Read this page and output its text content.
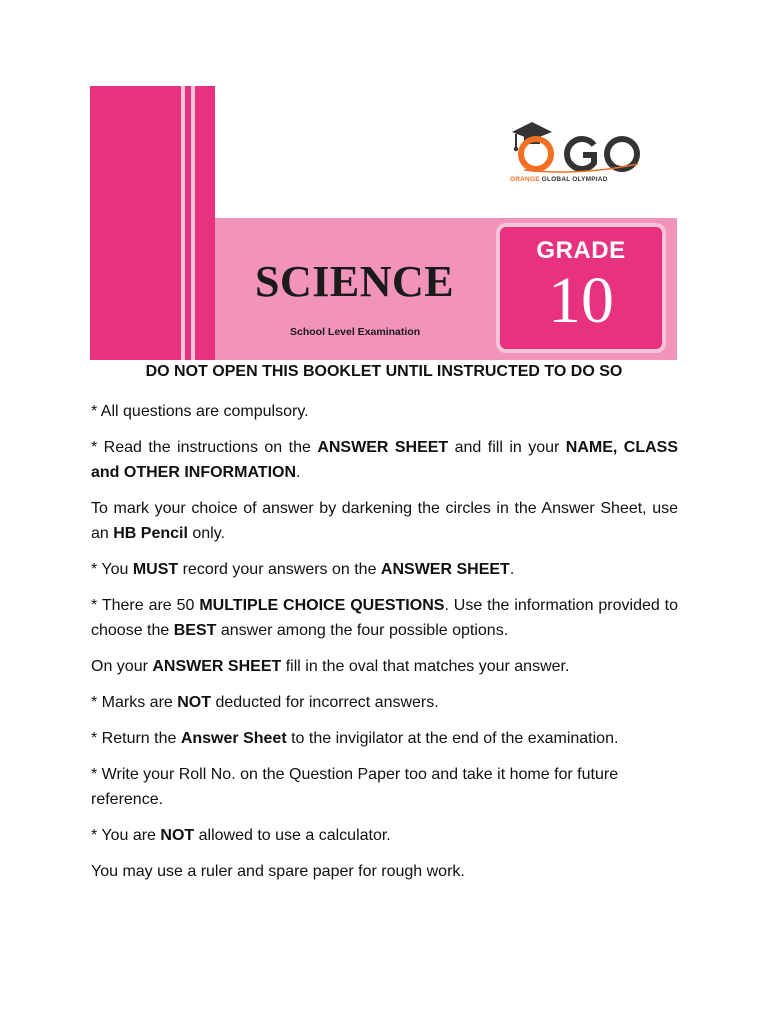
ORANGE GLOBAL OLYMPIAD
SCIENCE
School Level Examination
GRADE
10
DO NOT OPEN THIS BOOKLET UNTIL INSTRUCTED TO DO SO

* All questions are compulsory.

* Read the instructions on the ANSWER SHEET and fill in your NAME, CLASS and OTHER INFORMATION.

To mark your choice of answer by darkening the circles in the Answer Sheet, use an HB Pencil only.

* You MUST record your answers on the ANSWER SHEET.

* There are 50 MULTIPLE CHOICE QUESTIONS. Use the information provided to choose the BEST answer among the four possible options.

On your ANSWER SHEET fill in the oval that matches your answer.

* Marks are NOT deducted for incorrect answers.

* Return the Answer Sheet to the invigilator at the end of the examination.

* Write your Roll No. on the Question Paper too and take it home for future reference.

* You are NOT allowed to use a calculator.

You may use a ruler and spare paper for rough work.
